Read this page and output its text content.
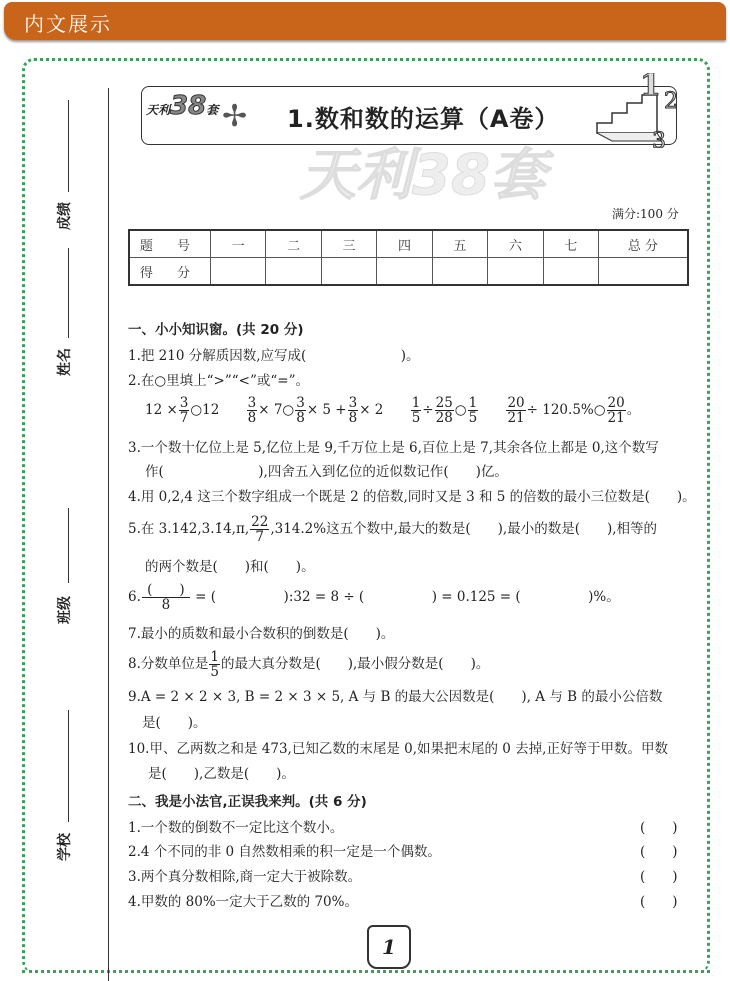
内文展示
成绩
姓名
班级
学校
天利38套 ✢ 1.数和数的运算（A卷）
1 2
3
天利38套
满分:100 分
题 号	一	二	三	四	五	六	七	总 分
得 分								
一、小小知识窗。(共 20 分)
1.把 210 分解质因数,应写成(　　　　　　　)。
2.在○里填上“>”“<”或“=”。
$12 \times \frac{3}{7}$ ○12 $\frac{3}{8}$ × 7○ $\frac{3}{8} \times 5 + \frac{3}{8} \times 2 \frac{1}{5} \div \frac{25}{28}$ ○ $\frac{1}{5}$
$\frac{20}{21}$ ÷ 120.5%○ $\frac{20}{21}$ 。
3.一个数十亿位上是 5,亿位上是 9,千万位上是 6,百位上是 7,其余各位上都是 0,这个数写
作(　　　　　　　),四舍五入到亿位的近似数记作(　　)亿。
4.用 0,2,4 这三个数字组成一个既是 2 的倍数,同时又是 3 和 5 的倍数的最小三位数是(　　)。
5.在 3.142,3.1̇4̇,π, $\frac{22}{7} ,314.2\%$这五个数中,最大的数是(　　),最小的数是(　　),相等的
的两个数是(　　)和(　　)。
6. (　　)
8	= (　　　　　):32 = 8 ÷ (　　　　　) = 0.125 = (　　　　　)%。
7.最小的质数和最小合数积的倒数是(　　)。
8.分数单位是 $\frac{1}{5}$ 的最大真分数是(　　),最小假分数是(　　)。
9.A = 2 × 2 × 3, B = 2 × 3 × 5, A 与 B 的最大公因数是(　　), A 与 B 的最小公倍数
是(　　)。
10.甲、乙两数之和是 473,已知乙数的末尾是 0,如果把末尾的 0 去掉,正好等于甲数。甲数
是(　　),乙数是(　　)。
二、我是小法官,正误我来判。(共 6 分)
1.一个数的倒数不一定比这个数小。	(　　)
2.4 个不同的非 0 自然数相乘的积一定是一个偶数。	(　　)
3.两个真分数相除,商一定大于被除数。	(　　)
4.甲数的 80%一定大于乙数的 70%。	(　　)
1
